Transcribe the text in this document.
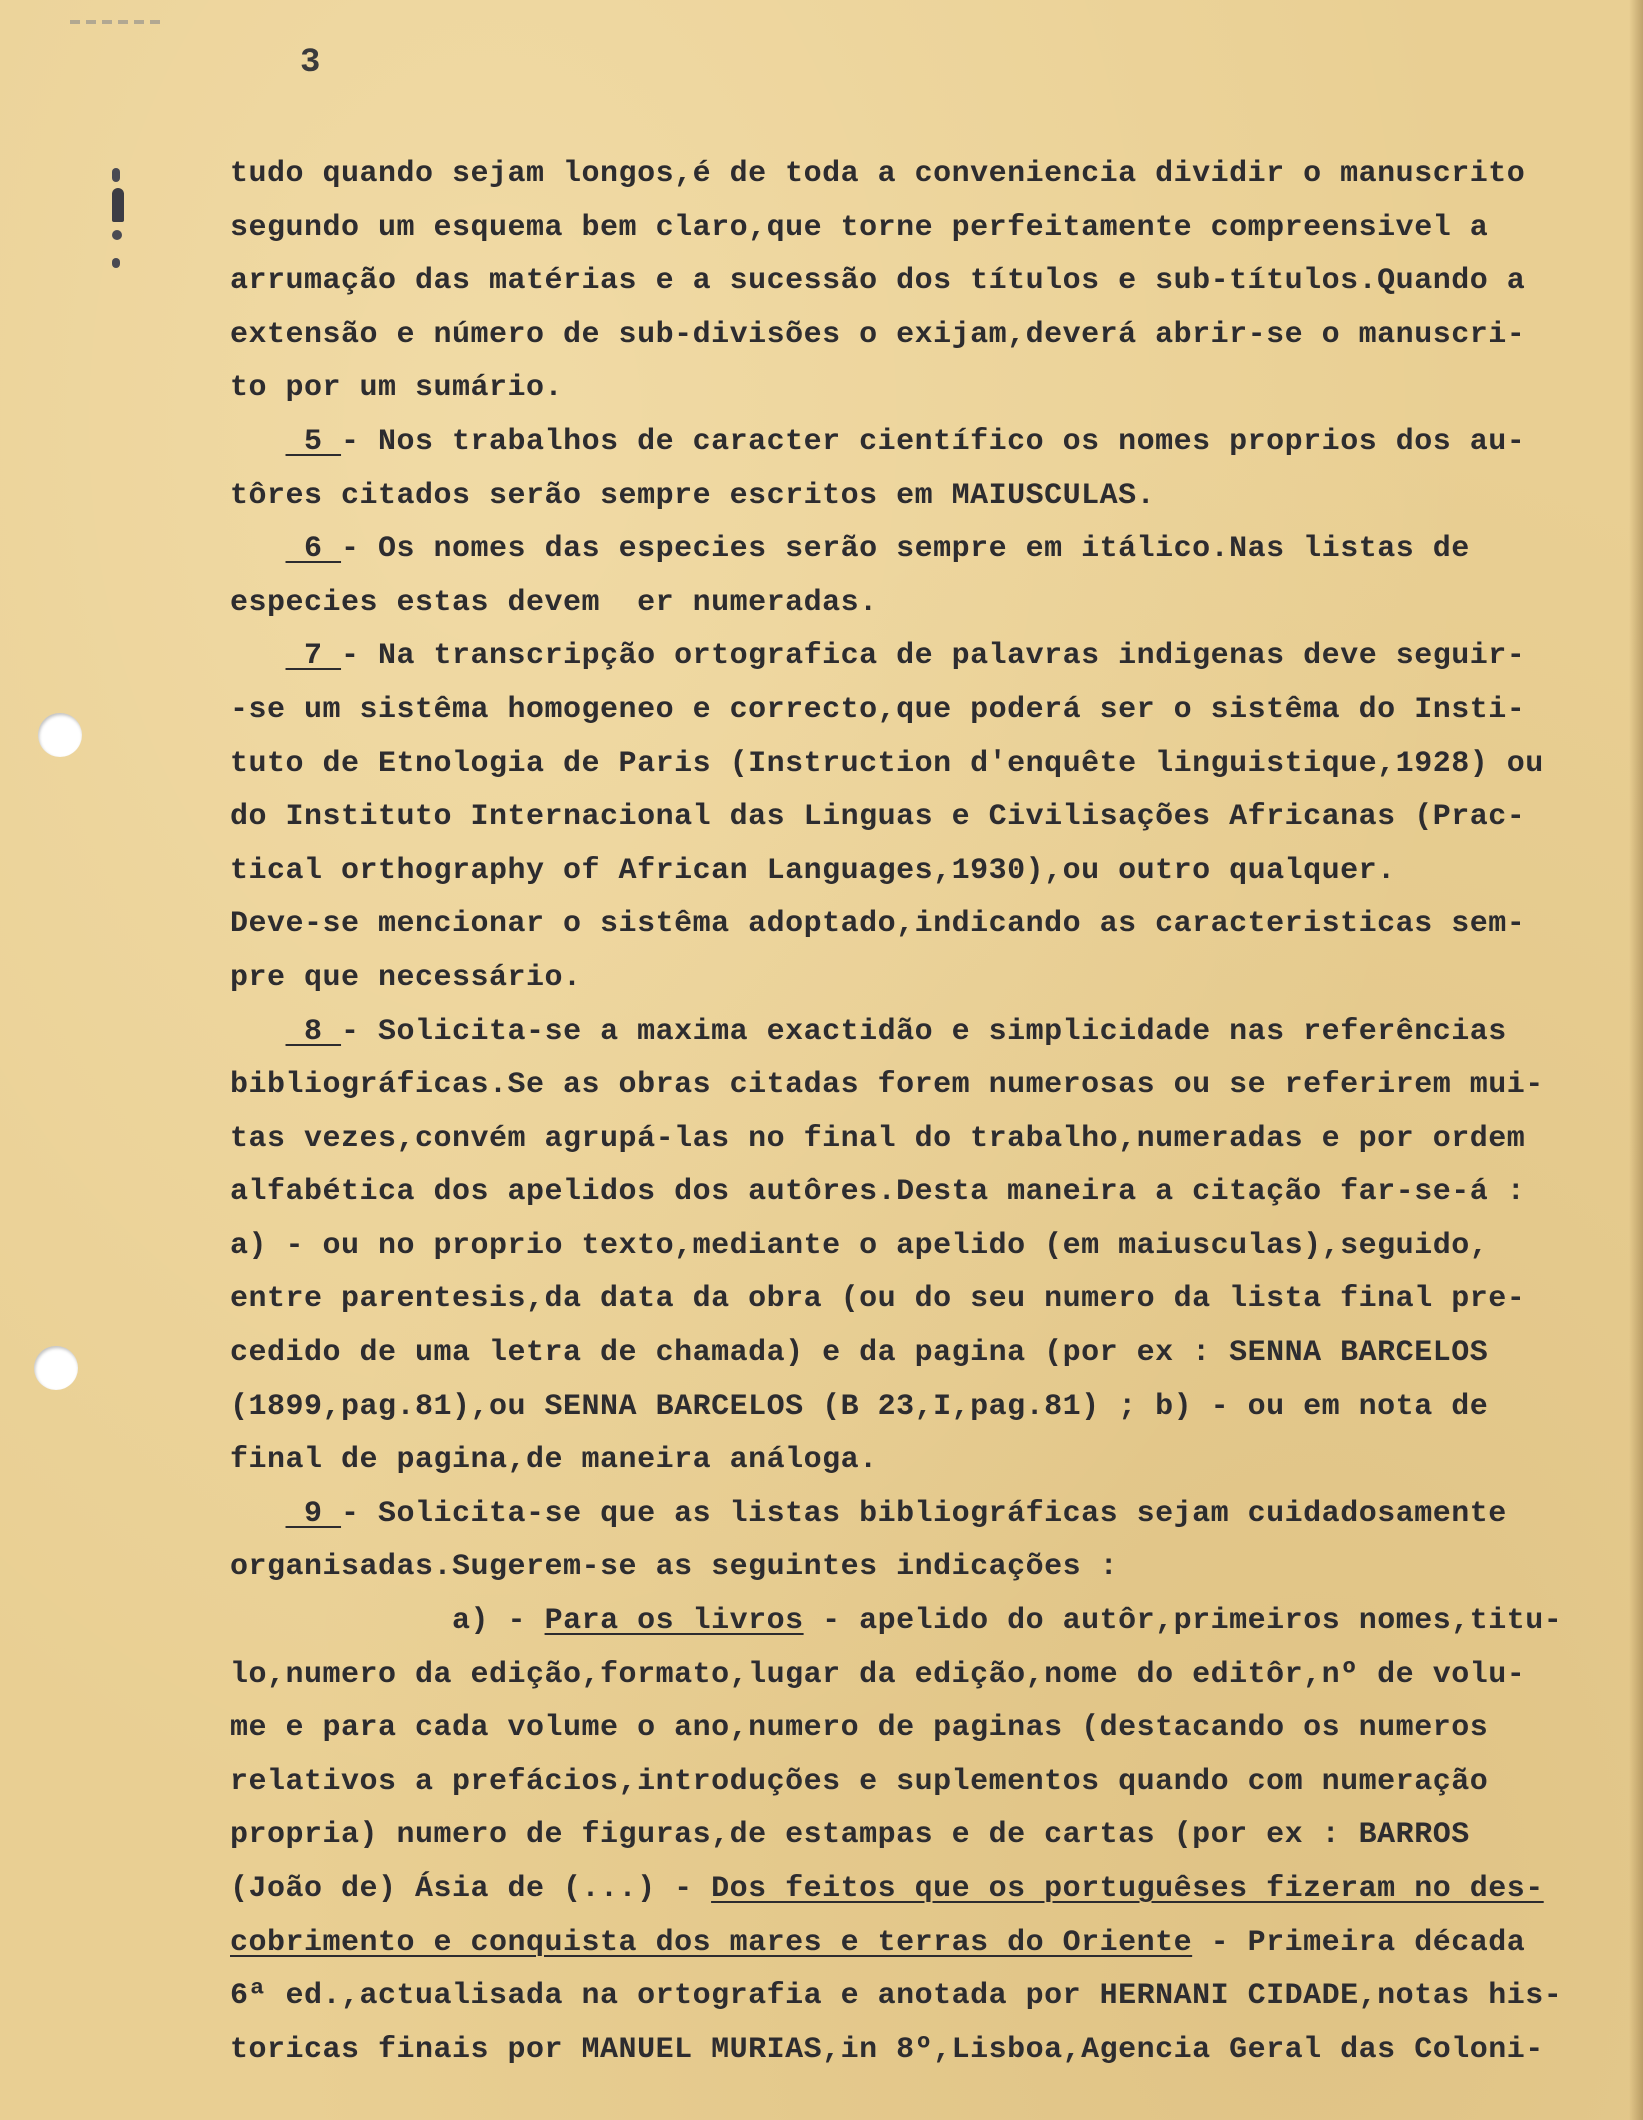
3
tudo quando sejam longos,é de toda a conveniencia dividir o manuscrito
segundo um esquema bem claro,que torne perfeitamente compreensivel a
arrumação das matérias e a sucessão dos títulos e sub-títulos.Quando a
extensão e número de sub-divisões o exijam,deverá abrir-se o manuscri-
to por um sumário.
5 - Nos trabalhos de caracter científico os nomes proprios dos au-
tôres citados serão sempre escritos em MAIUSCULAS.
6 - Os nomes das especies serão sempre em itálico.Nas listas de
especies estas devem  er numeradas.
7 - Na transcripção ortografica de palavras indigenas deve seguir-
-se um sistêma homogeneo e correcto,que poderá ser o sistêma do Insti-
tuto de Etnologia de Paris (Instruction d'enquête linguistique,1928) ou
do Instituto Internacional das Linguas e Civilisações Africanas (Prac-
tical orthography of African Languages,1930),ou outro qualquer.
Deve-se mencionar o sistêma adoptado,indicando as caracteristicas sem-
pre que necessário.
8 - Solicita-se a maxima exactidão e simplicidade nas referências
bibliográficas.Se as obras citadas forem numerosas ou se referirem mui-
tas vezes,convém agrupá-las no final do trabalho,numeradas e por ordem
alfabética dos apelidos dos autôres.Desta maneira a citação far-se-á :
a) - ou no proprio texto,mediante o apelido (em maiusculas),seguido,
entre parentesis,da data da obra (ou do seu numero da lista final pre-
cedido de uma letra de chamada) e da pagina (por ex : SENNA BARCELOS
(1899,pag.81),ou SENNA BARCELOS (B 23,I,pag.81) ; b) - ou em nota de
final de pagina,de maneira análoga.
9 - Solicita-se que as listas bibliográficas sejam cuidadosamente
organisadas.Sugerem-se as seguintes indicações :
a) - Para os livros - apelido do autôr,primeiros nomes,titu-
lo,numero da edição,formato,lugar da edição,nome do editôr,nº de volu-
me e para cada volume o ano,numero de paginas (destacando os numeros
relativos a prefácios,introduções e suplementos quando com numeração
propria) numero de figuras,de estampas e de cartas (por ex : BARROS
(João de) Ásia de (...) - Dos feitos que os portuguêses fizeram no des-
cobrimento e conquista dos mares e terras do Oriente - Primeira década
6ª ed.,actualisada na ortografia e anotada por HERNANI CIDADE,notas his-
toricas finais por MANUEL MURIAS,in 8º,Lisboa,Agencia Geral das Coloni-
